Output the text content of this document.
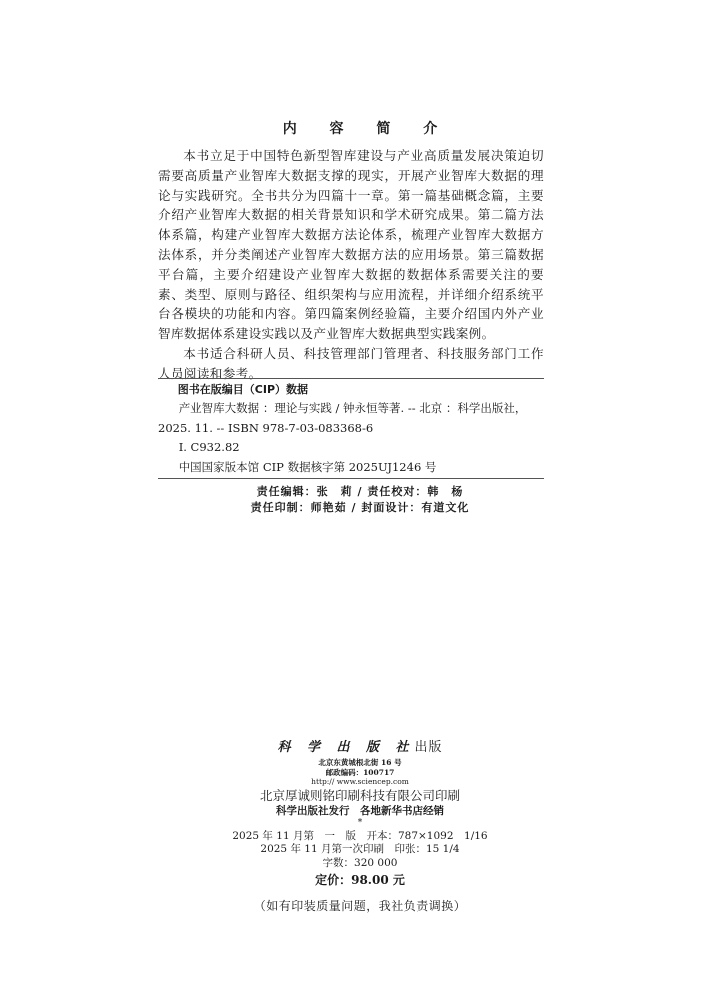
内 容 简 介

本书立足于中国特色新型智库建设与产业高质量发展决策迫切需要高质量产业智库大数据支撑的现实，开展产业智库大数据的理论与实践研究。全书共分为四篇十一章。第一篇基础概念篇，主要介绍产业智库大数据的相关背景知识和学术研究成果。第二篇方法体系篇，构建产业智库大数据方法论体系，梳理产业智库大数据方法体系，并分类阐述产业智库大数据方法的应用场景。第三篇数据平台篇，主要介绍建设产业智库大数据的数据体系需要关注的要素、类型、原则与路径、组织架构与应用流程，并详细介绍系统平台各模块的功能和内容。第四篇案例经验篇，主要介绍国内外产业智库数据体系建设实践以及产业智库大数据典型实践案例。

本书适合科研人员、科技管理部门管理者、科技服务部门工作人员阅读和参考。

图书在版编目（CIP）数据
产业智库大数据 ：理论与实践 / 钟永恒等著. -- 北京 ：科学出版社，
2025. 11. -- ISBN 978-7-03-083368-6
Ⅰ. C932.82
中国国家版本馆 CIP 数据核字第 2025UJ1246 号
责任编辑：张　莉 / 责任校对：韩　杨
责任印制：师艳茹 / 封面设计：有道文化
科 学 出 版 社出版
北京东黄城根北街 16 号
邮政编码：100717
http:// www.sciencep.com
北京厚诚则铭印刷科技有限公司印刷
科学出版社发行　各地新华书店经销
*
2025 年 11 月第　一　版　开本：787×1092　1/16
2025 年 11 月第一次印刷　印张：15 1/4
字数：320 000
定价：98.00 元
（如有印装质量问题，我社负责调换）
